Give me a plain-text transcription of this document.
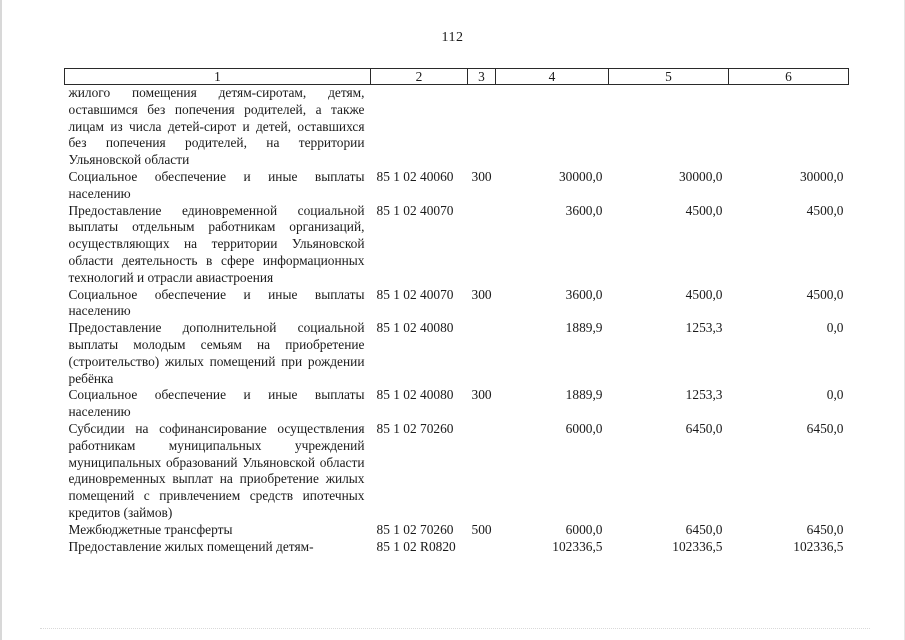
112
1	2	3	4	5	6
жилого помещения детям-сиротам, детям, оставшимся без попечения родителей, а также лицам из числа детей-сирот и детей, оставшихся без попечения родителей, на территории Ульяновской области					
Социальное обеспечение и иные выплаты населению	85 1 02 40060	300	30000,0	30000,0	30000,0
Предоставление единовременной социальной выплаты отдельным работникам организаций, осуществляющих на территории Ульяновской области деятельность в сфере информационных технологий и отрасли авиастроения	85 1 02 40070		3600,0	4500,0	4500,0
Социальное обеспечение и иные выплаты населению	85 1 02 40070	300	3600,0	4500,0	4500,0
Предоставление дополнительной социальной выплаты молодым семьям на приобретение (строительство) жилых помещений при рождении ребёнка	85 1 02 40080		1889,9	1253,3	0,0
Социальное обеспечение и иные выплаты населению	85 1 02 40080	300	1889,9	1253,3	0,0
Субсидии на софинансирование осуществления работникам муниципальных учреждений муниципальных образований Ульяновской области единовременных выплат на приобретение жилых помещений с привлечением средств ипотечных кредитов (займов)	85 1 02 70260		6000,0	6450,0	6450,0
Межбюджетные трансферты	85 1 02 70260	500	6000,0	6450,0	6450,0
Предоставление жилых помещений детям-	85 1 02 R0820		102336,5	102336,5	102336,5
